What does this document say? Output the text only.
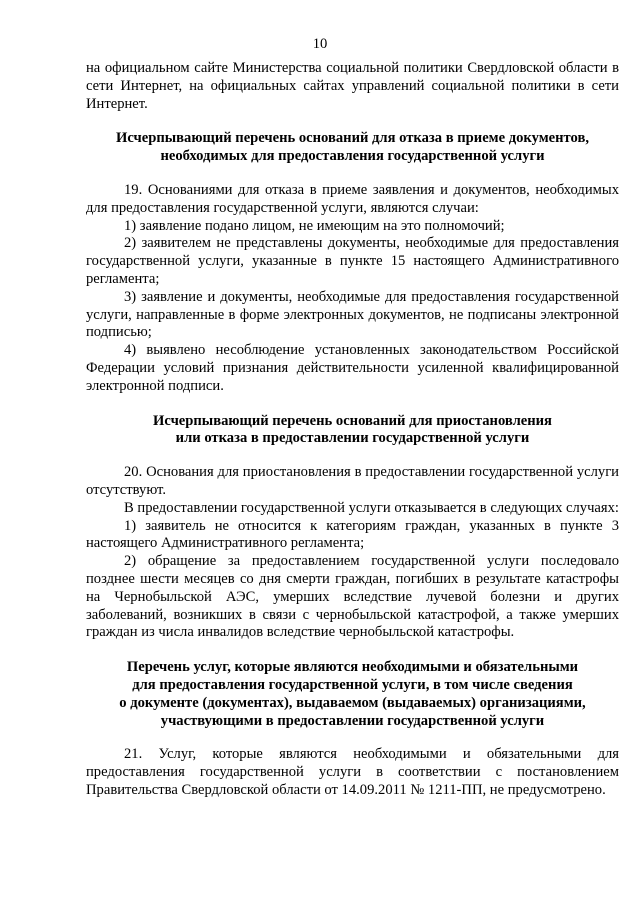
10

на официальном сайте Министерства социальной политики Свердловской области в сети Интернет, на официальных сайтах управлений социальной политики в сети Интернет.

Исчерпывающий перечень оснований для отказа в приеме документов,
необходимых для предоставления государственной услуги

19. Основаниями для отказа в приеме заявления и документов, необходимых для предоставления государственной услуги, являются случаи:

1) заявление подано лицом, не имеющим на это полномочий;

2) заявителем не представлены документы, необходимые для предоставления государственной услуги, указанные в пункте 15 настоящего Административного регламента;

3) заявление и документы, необходимые для предоставления государственной услуги, направленные в форме электронных документов, не подписаны электронной подписью;

4) выявлено несоблюдение установленных законодательством Российской Федерации условий признания действительности усиленной квалифицированной электронной подписи.

Исчерпывающий перечень оснований для приостановления
или отказа в предоставлении государственной услуги

20. Основания для приостановления в предоставлении государственной услуги отсутствуют.

В предоставлении государственной услуги отказывается в следующих случаях:

1) заявитель не относится к категориям граждан, указанных в пункте 3 настоящего Административного регламента;

2) обращение за предоставлением государственной услуги последовало позднее шести месяцев со дня смерти граждан, погибших в результате катастрофы на Чернобыльской АЭС, умерших вследствие лучевой болезни и других заболеваний, возникших в связи с чернобыльской катастрофой, а также умерших граждан из числа инвалидов вследствие чернобыльской катастрофы.

Перечень услуг, которые являются необходимыми и обязательными
для предоставления государственной услуги, в том числе сведения
о документе (документах), выдаваемом (выдаваемых) организациями,
участвующими в предоставлении государственной услуги

21. Услуг, которые являются необходимыми и обязательными для предоставления государственной услуги в соответствии с постановлением Правительства Свердловской области от 14.09.2011 № 1211-ПП, не предусмотрено.
